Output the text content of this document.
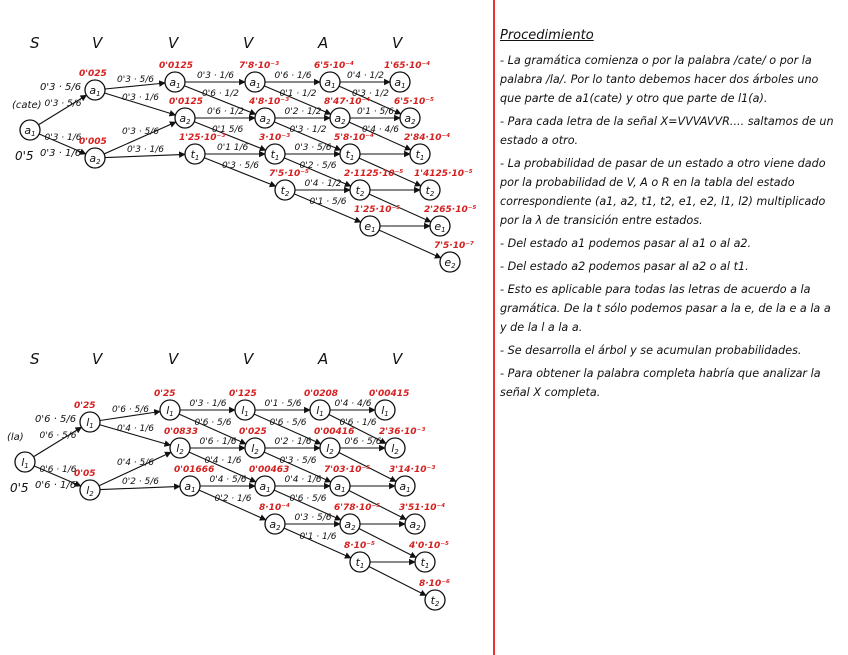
S	V	V	V	A	V
0'3 · 5/6
0'3 · 1/6
0'3 · 5/6
0'3 · 1/6
0'3 · 5/6
0'3 · 1/6
0'3 · 1/6
0'6 · 1/2
0'6 · 1/2
0'1 5/6
0'1 1/6
0'3 · 5/6
0'6 · 1/6
0'1 · 1/2
0'2 · 1/2
0'3 · 1/2
0'3 · 5/6
0'2 · 5/6
0'4 · 1/2
0'1 · 5/6
0'4 · 1/2
0'3 · 1/2
0'1 · 5/6
0'4 · 4/6
a1
a1
a2
a1
a2
t1
a1
a2
t1
t2
a1
a2
t1
t2
e1
a1
a2
t1
t2
e1
e2
0'025
0'005
0'0125
0'0125
1'25·10⁻³
7'8·10⁻³
4'8·10⁻³
3·10⁻³
7'5·10⁻⁵
6'5·10⁻⁴
8'47·10⁻⁴
5'8·10⁻⁴
2·1125·10⁻⁵
1'25·10⁻⁵
1'65·10⁻⁴
6'5·10⁻⁵
2'84·10⁻⁴
1'4125·10⁻⁵
2'265·10⁻⁵
7'5·10⁻⁷
0'5
(cate)
0'3 · 5/6
0'3 · 1/6
S	V	V	V	A	V
0'6 · 5/6
0'6 · 1/6
0'6 · 5/6
0'4 · 1/6
0'4 · 5/6
0'2 · 5/6
0'3 · 1/6
0'6 · 5/6
0'6 · 1/6
0'4 · 1/6
0'4 · 5/6
0'2 · 1/6
0'1 · 5/6
0'6 · 5/6
0'2 · 1/6
0'3 · 5/6
0'4 · 1/6
0'6 · 5/6
0'3 · 5/6
0'1 · 1/6
0'4 · 4/6
0'6 · 1/6
0'6 · 5/6
l1
l1
l2
l1
l2
a1
l1
l2
a1
a2
l1
l2
a1
a2
t1
l1
l2
a1
a2
t1
t2
0'25
0'05
0'25
0'0833
0'01666
0'125
0'025
0'00463
8·10⁻⁴
0'0208
0'00416
7'03·10⁻⁵
6'78·10⁻⁵
8·10⁻⁵
0'00415
2'36·10⁻³
3'14·10⁻³
3'51·10⁻⁴
4'0·10⁻⁵
8·10⁻⁶
0'5
(la)
0'6 · 5/6
0'6 · 1/6
Procedimiento

- La gramática comienza o por la palabra /cate/ o por la palabra /la/. Por lo tanto debemos hacer dos árboles uno que parte de a1(cate) y otro que parte de l1(a).

- Para cada letra de la señal X=VVVAVVR.... saltamos de un estado a otro.

- La probabilidad de pasar de un estado a otro viene dado por la probabilidad de V, A o R en la tabla del estado correspondiente (a1, a2, t1, t2, e1, e2, l1, l2) multiplicado por la λ de transición entre estados.

- Del estado a1 podemos pasar al a1 o al a2.

- Del estado a2 podemos pasar al a2 o al t1.

- Esto es aplicable para todas las letras de acuerdo a la gramática. De la t sólo podemos pasar a la e, de la e a la a y de la l a la a.

- Se desarrolla el árbol y se acumulan probabilidades.

- Para obtener la palabra completa habría que analizar la señal X completa.
